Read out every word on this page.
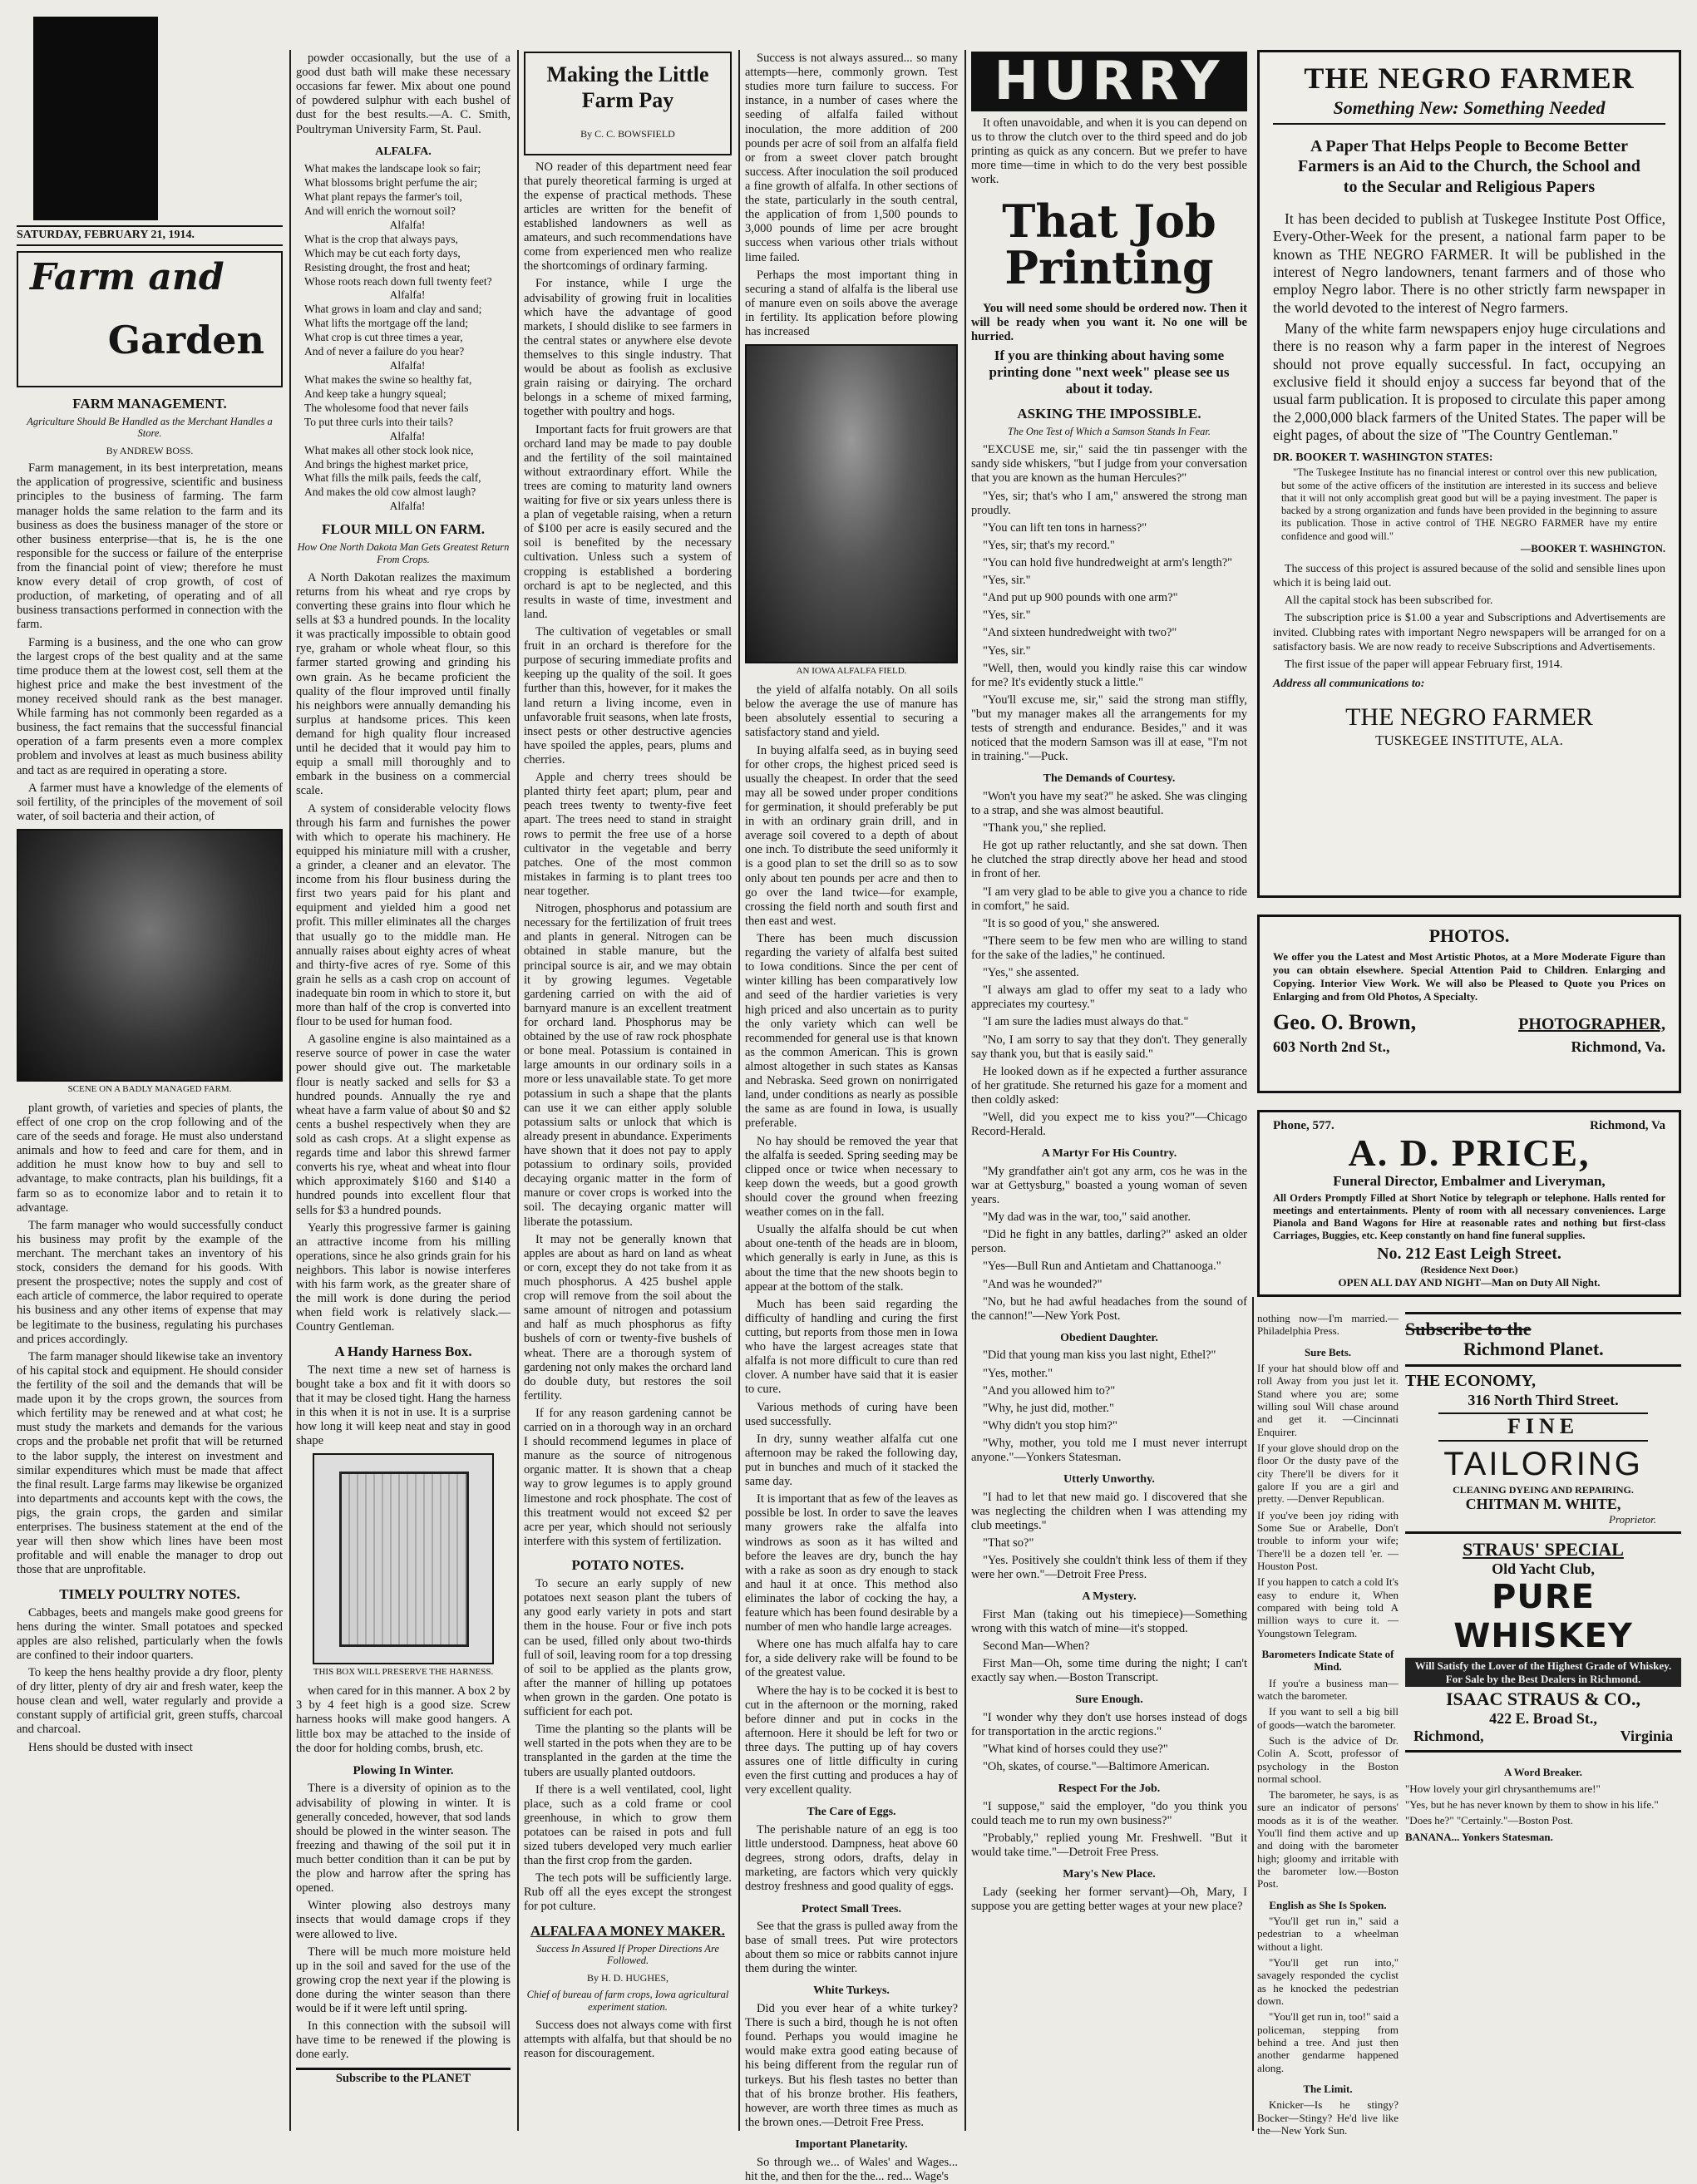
SATURDAY, FEBRUARY 21, 1914.
Farm and
Garden
FARM MANAGEMENT.
Agriculture Should Be Handled as the Merchant Handles a Store.
By ANDREW BOSS.

Farm management, in its best interpretation, means the application of progressive, scientific and business principles to the business of farming. The farm manager holds the same relation to the farm and its business as does the business manager of the store or other business enterprise—that is, he is the one responsible for the success or failure of the enterprise from the financial point of view; therefore he must know every detail of crop growth, of cost of production, of marketing, of operating and of all business transactions performed in connection with the farm.

Farming is a business, and the one who can grow the largest crops of the best quality and at the same time produce them at the lowest cost, sell them at the highest price and make the best investment of the money received should rank as the best manager. While farming has not commonly been regarded as a business, the fact remains that the successful financial operation of a farm presents even a more complex problem and involves at least as much business ability and tact as are required in operating a store.

A farmer must have a knowledge of the elements of soil fertility, of the principles of the movement of soil water, of soil bacteria and their action, of

SCENE ON A BADLY MANAGED FARM.

plant growth, of varieties and species of plants, the effect of one crop on the crop following and of the care of the seeds and forage. He must also understand animals and how to feed and care for them, and in addition he must know how to buy and sell to advantage, to make contracts, plan his buildings, fit a farm so as to economize labor and to retain it to advantage.

The farm manager who would successfully conduct his business may profit by the example of the merchant. The merchant takes an inventory of his stock, considers the demand for his goods. With present the prospective; notes the supply and cost of each article of commerce, the labor required to operate his business and any other items of expense that may be legitimate to the business, regulating his purchases and prices accordingly.

The farm manager should likewise take an inventory of his capital stock and equipment. He should consider the fertility of the soil and the demands that will be made upon it by the crops grown, the sources from which fertility may be renewed and at what cost; he must study the markets and demands for the various crops and the probable net profit that will be returned to the labor supply, the interest on investment and similar expenditures which must be made that affect the final result. Large farms may likewise be organized into departments and accounts kept with the cows, the pigs, the grain crops, the garden and similar enterprises. The business statement at the end of the year will then show which lines have been most profitable and will enable the manager to drop out those that are unprofitable.

TIMELY POULTRY NOTES.

Cabbages, beets and mangels make good greens for hens during the winter. Small potatoes and specked apples are also relished, particularly when the fowls are confined to their indoor quarters.

To keep the hens healthy provide a dry floor, plenty of dry litter, plenty of dry air and fresh water, keep the house clean and well, water regularly and provide a constant supply of artificial grit, green stuffs, charcoal and charcoal.

Hens should be dusted with insect

powder occasionally, but the use of a good dust bath will make these necessary occasions far fewer. Mix about one pound of powdered sulphur with each bushel of dust for the best results.—A. C. Smith, Poultryman University Farm, St. Paul.

ALFALFA.

What makes the landscape look so fair;

What blossoms bright perfume the air;

What plant repays the farmer's toil,

And will enrich the wornout soil?

Alfalfa!

What is the crop that always pays,

Which may be cut each forty days,

Resisting drought, the frost and heat;

Whose roots reach down full twenty feet?

Alfalfa!

What grows in loam and clay and sand;

What lifts the mortgage off the land;

What crop is cut three times a year,

And of never a failure do you hear?

Alfalfa!

What makes the swine so healthy fat,

And keep take a hungry squeal;

The wholesome food that never fails

To put three curls into their tails?

Alfalfa!

What makes all other stock look nice,

And brings the highest market price,

What fills the milk pails, feeds the calf,

And makes the old cow almost laugh?

Alfalfa!

FLOUR MILL ON FARM.
How One North Dakota Man Gets Greatest Return From Crops.

A North Dakotan realizes the maximum returns from his wheat and rye crops by converting these grains into flour which he sells at $3 a hundred pounds. In the locality it was practically impossible to obtain good rye, graham or whole wheat flour, so this farmer started growing and grinding his own grain. As he became proficient the quality of the flour improved until finally his neighbors were annually demanding his surplus at handsome prices. This keen demand for high quality flour increased until he decided that it would pay him to equip a small mill thoroughly and to embark in the business on a commercial scale.

A system of considerable velocity flows through his farm and furnishes the power with which to operate his machinery. He equipped his miniature mill with a crusher, a grinder, a cleaner and an elevator. The income from his flour business during the first two years paid for his plant and equipment and yielded him a good net profit. This miller eliminates all the charges that usually go to the middle man. He annually raises about eighty acres of wheat and thirty-five acres of rye. Some of this grain he sells as a cash crop on account of inadequate bin room in which to store it, but more than half of the crop is converted into flour to be used for human food.

A gasoline engine is also maintained as a reserve source of power in case the water power should give out. The marketable flour is neatly sacked and sells for $3 a hundred pounds. Annually the rye and wheat have a farm value of about $0 and $2 cents a bushel respectively when they are sold as cash crops. At a slight expense as regards time and labor this shrewd farmer converts his rye, wheat and wheat into flour which approximately $160 and $140 a hundred pounds into excellent flour that sells for $3 a hundred pounds.

Yearly this progressive farmer is gaining an attractive income from his milling operations, since he also grinds grain for his neighbors. This labor is nowise interferes with his farm work, as the greater share of the mill work is done during the period when field work is relatively slack.—Country Gentleman.

A Handy Harness Box.

The next time a new set of harness is bought take a box and fit it with doors so that it may be closed tight. Hang the harness in this when it is not in use. It is a surprise how long it will keep neat and stay in good shape

THIS BOX WILL PRESERVE THE HARNESS.

when cared for in this manner. A box 2 by 3 by 4 feet high is a good size. Screw harness hooks will make good hangers. A little box may be attached to the inside of the door for holding combs, brush, etc.

Plowing In Winter.

There is a diversity of opinion as to the advisability of plowing in winter. It is generally conceded, however, that sod lands should be plowed in the winter season. The freezing and thawing of the soil put it in much better condition than it can be put by the plow and harrow after the spring has opened.

Winter plowing also destroys many insects that would damage crops if they were allowed to live.

There will be much more moisture held up in the soil and saved for the use of the growing crop the next year if the plowing is done during the winter season than there would be if it were left until spring.

In this connection with the subsoil will have time to be renewed if the plowing is done early.

Subscribe to the PLANET
Making the Little Farm Pay
By C. C. BOWSFIELD

NO reader of this department need fear that purely theoretical farming is urged at the expense of practical methods. These articles are written for the benefit of established landowners as well as amateurs, and such recommendations have come from experienced men who realize the shortcomings of ordinary farming.

For instance, while I urge the advisability of growing fruit in localities which have the advantage of good markets, I should dislike to see farmers in the central states or anywhere else devote themselves to this single industry. That would be about as foolish as exclusive grain raising or dairying. The orchard belongs in a scheme of mixed farming, together with poultry and hogs.

Important facts for fruit growers are that orchard land may be made to pay double and the fertility of the soil maintained without extraordinary effort. While the trees are coming to maturity land owners waiting for five or six years unless there is a plan of vegetable raising, when a return of $100 per acre is easily secured and the soil is benefited by the necessary cultivation. Unless such a system of cropping is established a bordering orchard is apt to be neglected, and this results in waste of time, investment and land.

The cultivation of vegetables or small fruit in an orchard is therefore for the purpose of securing immediate profits and keeping up the quality of the soil. It goes further than this, however, for it makes the land return a living income, even in unfavorable fruit seasons, when late frosts, insect pests or other destructive agencies have spoiled the apples, pears, plums and cherries.

Apple and cherry trees should be planted thirty feet apart; plum, pear and peach trees twenty to twenty-five feet apart. The trees need to stand in straight rows to permit the free use of a horse cultivator in the vegetable and berry patches. One of the most common mistakes in farming is to plant trees too near together.

Nitrogen, phosphorus and potassium are necessary for the fertilization of fruit trees and plants in general. Nitrogen can be obtained in stable manure, but the principal source is air, and we may obtain it by growing legumes. Vegetable gardening carried on with the aid of barnyard manure is an excellent treatment for orchard land. Phosphorus may be obtained by the use of raw rock phosphate or bone meal. Potassium is contained in large amounts in our ordinary soils in a more or less unavailable state. To get more potassium in such a shape that the plants can use it we can either apply soluble potassium salts or unlock that which is already present in abundance. Experiments have shown that it does not pay to apply potassium to ordinary soils, provided decaying organic matter in the form of manure or cover crops is worked into the soil. The decaying organic matter will liberate the potassium.

It may not be generally known that apples are about as hard on land as wheat or corn, except they do not take from it as much phosphorus. A 425 bushel apple crop will remove from the soil about the same amount of nitrogen and potassium and half as much phosphorus as fifty bushels of corn or twenty-five bushels of wheat. There are a thorough system of gardening not only makes the orchard land do double duty, but restores the soil fertility.

If for any reason gardening cannot be carried on in a thorough way in an orchard I should recommend legumes in place of manure as the source of nitrogenous organic matter. It is shown that a cheap way to grow legumes is to apply ground limestone and rock phosphate. The cost of this treatment would not exceed $2 per acre per year, which should not seriously interfere with this system of fertilization.

POTATO NOTES.

To secure an early supply of new potatoes next season plant the tubers of any good early variety in pots and start them in the house. Four or five inch pots can be used, filled only about two-thirds full of soil, leaving room for a top dressing of soil to be applied as the plants grow, after the manner of hilling up potatoes when grown in the garden. One potato is sufficient for each pot.

Time the planting so the plants will be well started in the pots when they are to be transplanted in the garden at the time the tubers are usually planted outdoors.

If there is a well ventilated, cool, light place, such as a cold frame or cool greenhouse, in which to grow them potatoes can be raised in pots and full sized tubers developed very much earlier than the first crop from the garden.

The tech pots will be sufficiently large. Rub off all the eyes except the strongest for pot culture.

ALFALFA A MONEY MAKER.
Success In Assured If Proper Directions Are Followed.
By H. D. HUGHES,
Chief of bureau of farm crops, Iowa agricultural experiment station.

Success does not always come with first attempts with alfalfa, but that should be no reason for discouragement.

Success is not always assured... so many attempts—here, commonly grown. Test studies more turn failure to success. For instance, in a number of cases where the seeding of alfalfa failed without inoculation, the more addition of 200 pounds per acre of soil from an alfalfa field or from a sweet clover patch brought success. After inoculation the soil produced a fine growth of alfalfa. In other sections of the state, particularly in the south central, the application of from 1,500 pounds to 3,000 pounds of lime per acre brought success when various other trials without lime failed.

Perhaps the most important thing in securing a stand of alfalfa is the liberal use of manure even on soils above the average in fertility. Its application before plowing has increased

AN IOWA ALFALFA FIELD.

the yield of alfalfa notably. On all soils below the average the use of manure has been absolutely essential to securing a satisfactory stand and yield.

In buying alfalfa seed, as in buying seed for other crops, the highest priced seed is usually the cheapest. In order that the seed may all be sowed under proper conditions for germination, it should preferably be put in with an ordinary grain drill, and in average soil covered to a depth of about one inch. To distribute the seed uniformly it is a good plan to set the drill so as to sow only about ten pounds per acre and then to go over the land twice—for example, crossing the field north and south first and then east and west.

There has been much discussion regarding the variety of alfalfa best suited to Iowa conditions. Since the per cent of winter killing has been comparatively low and seed of the hardier varieties is very high priced and also uncertain as to purity the only variety which can well be recommended for general use is that known as the common American. This is grown almost altogether in such states as Kansas and Nebraska. Seed grown on nonirrigated land, under conditions as nearly as possible the same as are found in Iowa, is usually preferable.

No hay should be removed the year that the alfalfa is seeded. Spring seeding may be clipped once or twice when necessary to keep down the weeds, but a good growth should cover the ground when freezing weather comes on in the fall.

Usually the alfalfa should be cut when about one-tenth of the heads are in bloom, which generally is early in June, as this is about the time that the new shoots begin to appear at the bottom of the stalk.

Much has been said regarding the difficulty of handling and curing the first cutting, but reports from those men in Iowa who have the largest acreages state that alfalfa is not more difficult to cure than red clover. A number have said that it is easier to cure.

Various methods of curing have been used successfully.

In dry, sunny weather alfalfa cut one afternoon may be raked the following day, put in bunches and much of it stacked the same day.

It is important that as few of the leaves as possible be lost. In order to save the leaves many growers rake the alfalfa into windrows as soon as it has wilted and before the leaves are dry, bunch the hay with a rake as soon as dry enough to stack and haul it at once. This method also eliminates the labor of cocking the hay, a feature which has been found desirable by a number of men who handle large acreages.

Where one has much alfalfa hay to care for, a side delivery rake will be found to be of the greatest value.

Where the hay is to be cocked it is best to cut in the afternoon or the morning, raked before dinner and put in cocks in the afternoon. Here it should be left for two or three days. The putting up of hay covers assures one of little difficulty in curing even the first cutting and produces a hay of very excellent quality.

The Care of Eggs.

The perishable nature of an egg is too little understood. Dampness, heat above 60 degrees, strong odors, drafts, delay in marketing, are factors which very quickly destroy freshness and good quality of eggs.

Protect Small Trees.

See that the grass is pulled away from the base of small trees. Put wire protectors about them so mice or rabbits cannot injure them during the winter.

White Turkeys.

Did you ever hear of a white turkey? There is such a bird, though he is not often found. Perhaps you would imagine he would make extra good eating because of his being different from the regular run of turkeys. But his flesh tastes no better than that of his bronze brother. His feathers, however, are worth three times as much as the brown ones.—Detroit Free Press.

Important Planetarity.

So through we... of Wales' and Wages... hit the, and then for the the... red... Wage's

HURRY

It often unavoidable, and when it is you can depend on us to throw the clutch over to the third speed and do job printing as quick as any concern. But we prefer to have more time—time in which to do the very best possible work.

That Job Printing

You will need some should be ordered now. Then it will be ready when you want it. No one will be hurried.

If you are thinking about having some printing done "next week" please see us about it today.

ASKING THE IMPOSSIBLE.
The One Test of Which a Samson Stands In Fear.

"EXCUSE me, sir," said the tin passenger with the sandy side whiskers, "but I judge from your conversation that you are known as the human Hercules?"

"Yes, sir; that's who I am," answered the strong man proudly.

"You can lift ten tons in harness?"

"Yes, sir; that's my record."

"You can hold five hundredweight at arm's length?"

"Yes, sir."

"And put up 900 pounds with one arm?"

"Yes, sir."

"And sixteen hundredweight with two?"

"Yes, sir."

"Well, then, would you kindly raise this car window for me? It's evidently stuck a little."

"You'll excuse me, sir," said the strong man stiffly, "but my manager makes all the arrangements for my tests of strength and endurance. Besides," and it was noticed that the modern Samson was ill at ease, "I'm not in training."—Puck.

The Demands of Courtesy.

"Won't you have my seat?" he asked. She was clinging to a strap, and she was almost beautiful.

"Thank you," she replied.

He got up rather reluctantly, and she sat down. Then he clutched the strap directly above her head and stood in front of her.

"I am very glad to be able to give you a chance to ride in comfort," he said.

"It is so good of you," she answered.

"There seem to be few men who are willing to stand for the sake of the ladies," he continued.

"Yes," she assented.

"I always am glad to offer my seat to a lady who appreciates my courtesy."

"I am sure the ladies must always do that."

"No, I am sorry to say that they don't. They generally say thank you, but that is easily said."

He looked down as if he expected a further assurance of her gratitude. She returned his gaze for a moment and then coldly asked:

"Well, did you expect me to kiss you?"—Chicago Record-Herald.

A Martyr For His Country.

"My grandfather ain't got any arm, cos he was in the war at Gettysburg," boasted a young woman of seven years.

"My dad was in the war, too," said another.

"Did he fight in any battles, darling?" asked an older person.

"Yes—Bull Run and Antietam and Chattanooga."

"And was he wounded?"

"No, but he had awful headaches from the sound of the cannon!"—New York Post.

Obedient Daughter.

"Did that young man kiss you last night, Ethel?"

"Yes, mother."

"And you allowed him to?"

"Why, he just did, mother."

"Why didn't you stop him?"

"Why, mother, you told me I must never interrupt anyone."—Yonkers Statesman.

Utterly Unworthy.

"I had to let that new maid go. I discovered that she was neglecting the children when I was attending my club meetings."

"That so?"

"Yes. Positively she couldn't think less of them if they were her own."—Detroit Free Press.

A Mystery.

First Man (taking out his timepiece)—Something wrong with this watch of mine—it's stopped.

Second Man—When?

First Man—Oh, some time during the night; I can't exactly say when.—Boston Transcript.

Sure Enough.

"I wonder why they don't use horses instead of dogs for transportation in the arctic regions."

"What kind of horses could they use?"

"Oh, skates, of course."—Baltimore American.

Respect For the Job.

"I suppose," said the employer, "do you think you could teach me to run my own business?"

"Probably," replied young Mr. Freshwell. "But it would take time."—Detroit Free Press.

Mary's New Place.

Lady (seeking her former servant)—Oh, Mary, I suppose you are getting better wages at your new place?

THE NEGRO FARMER
Something New: Something Needed
A Paper That Helps People to Become Better Farmers is an Aid to the Church, the School and to the Secular and Religious Papers

It has been decided to publish at Tuskegee Institute Post Office, Every-Other-Week for the present, a national farm paper to be known as THE NEGRO FARMER. It will be published in the interest of Negro landowners, tenant farmers and of those who employ Negro labor. There is no other strictly farm newspaper in the world devoted to the interest of Negro farmers.

Many of the white farm newspapers enjoy huge circulations and there is no reason why a farm paper in the interest of Negroes should not prove equally successful. In fact, occupying an exclusive field it should enjoy a success far beyond that of the usual farm publication. It is proposed to circulate this paper among the 2,000,000 black farmers of the United States. The paper will be eight pages, of about the size of "The Country Gentleman."

DR. BOOKER T. WASHINGTON STATES:

"The Tuskegee Institute has no financial interest or control over this new publication, but some of the active officers of the institution are interested in its success and believe that it will not only accomplish great good but will be a paying investment. The paper is backed by a strong organization and funds have been provided in the beginning to assure its publication. Those in active control of THE NEGRO FARMER have my entire confidence and good will."

—BOOKER T. WASHINGTON.

The success of this project is assured because of the solid and sensible lines upon which it is being laid out.

All the capital stock has been subscribed for.

The subscription price is $1.00 a year and Subscriptions and Advertisements are invited. Clubbing rates with important Negro newspapers will be arranged for on a satisfactory basis. We are now ready to receive Subscriptions and Advertisements.

The first issue of the paper will appear February first, 1914.

Address all communications to:
THE NEGRO FARMER
TUSKEGEE INSTITUTE, ALA.
PHOTOS.

We offer you the Latest and Most Artistic Photos, at a More Moderate Figure than you can obtain elsewhere. Special Attention Paid to Children. Enlarging and Copying. Interior View Work. We will also be Pleased to Quote you Prices on Enlarging and from Old Photos, A Specialty.

Geo. O. Brown,	PHOTOGRAPHER,
603 North 2nd St.,	Richmond, Va.
Phone, 577.	Richmond, Va
A. D. PRICE,
Funeral Director, Embalmer and Liveryman,

All Orders Promptly Filled at Short Notice by telegraph or telephone. Halls rented for meetings and entertainments. Plenty of room with all necessary conveniences. Large Pianola and Band Wagons for Hire at reasonable rates and nothing but first-class Carriages, Buggies, etc. Keep constantly on hand fine funeral supplies.

No. 212 East Leigh Street.
(Residence Next Door.)
OPEN ALL DAY AND NIGHT—Man on Duty All Night.

nothing now—I'm married.—Philadelphia Press.

Sure Bets.

If your hat should blow off and roll Away from you just let it. Stand where you are; some willing soul Will chase around and get it. —Cincinnati Enquirer.

If your glove should drop on the floor Or the dusty pave of the city There'll be divers for it galore If you are a girl and pretty. —Denver Republican.

If you've been joy riding with Some Sue or Arabelle, Don't trouble to inform your wife; There'll be a dozen tell 'er. —Houston Post.

If you happen to catch a cold It's easy to endure it, When compared with being told A million ways to cure it. —Youngstown Telegram.

Barometers Indicate State of Mind.

If you're a business man—watch the barometer.

If you want to sell a big bill of goods—watch the barometer.

Such is the advice of Dr. Colin A. Scott, professor of psychology in the Boston normal school.

The barometer, he says, is as sure an indicator of persons' moods as it is of the weather. You'll find them active and up and doing with the barometer high; gloomy and irritable with the barometer low.—Boston Post.

English as She Is Spoken.

"You'll get run in," said a pedestrian to a wheelman without a light.

"You'll get run into," savagely responded the cyclist as he knocked the pedestrian down.

"You'll get run in, too!" said a policeman, stepping from behind a tree. And just then another gendarme happened along.

The Limit.

Knicker—Is he stingy? Bocker—Stingy? He'd live like the—New York Sun.

Subscribe to the
Richmond Planet.
THE ECONOMY,
316 North Third Street.
FINE
TAILORING
CLEANING DYEING AND REPAIRING.
CHITMAN M. WHITE,
Proprietor.
STRAUS' SPECIAL
Old Yacht Club,
PURE WHISKEY
Will Satisfy the Lover of the Highest Grade of Whiskey. For Sale by the Best Dealers in Richmond.
ISAAC STRAUS & CO.,
422 E. Broad St.,
Richmond,	Virginia
A Word Breaker.

"How lovely your girl chrysanthemums are!"

"Yes, but he has never known by them to show in his life."

"Does he?" "Certainly."—Boston Post.

BANANA... Yonkers Statesman.
